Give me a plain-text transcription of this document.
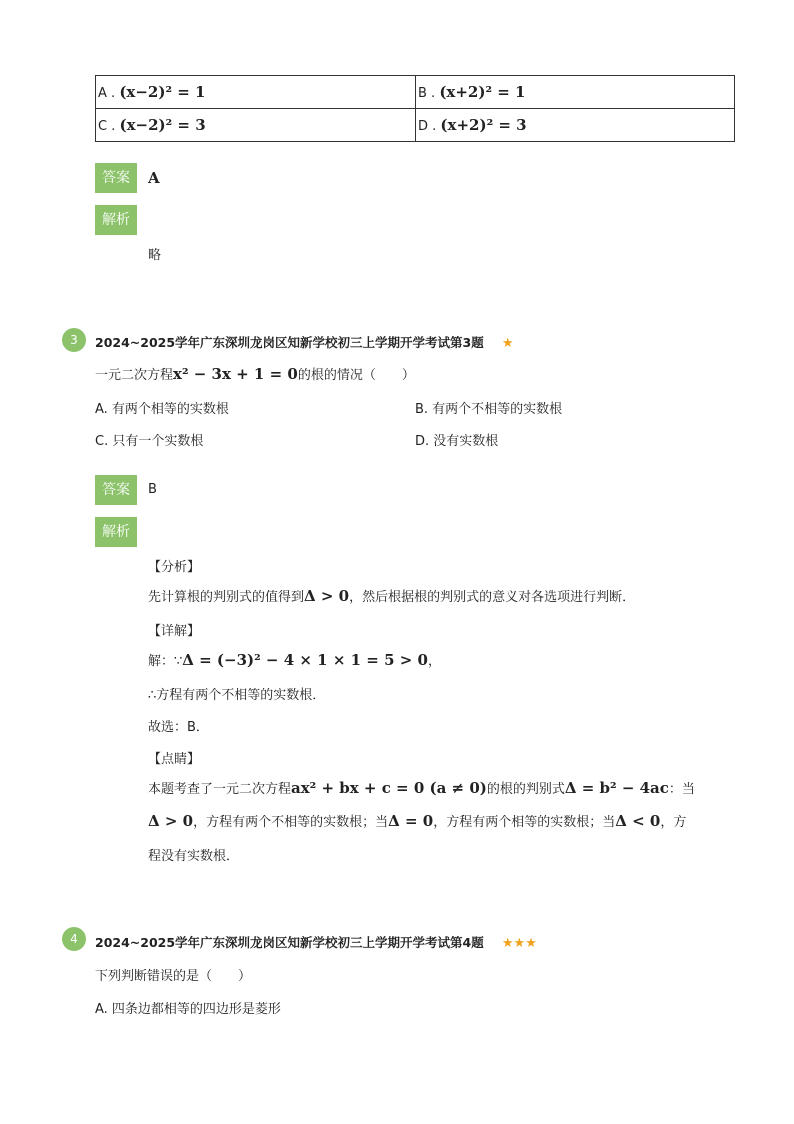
A . (x−2)² = 1	B . (x+2)² = 1
C . (x−2)² = 3	D . (x+2)² = 3
答案	A
解析
略
3	2024~2025学年广东深圳龙岗区知新学校初三上学期开学考试第3题 ★
一元二次方程x² − 3x + 1 = 0的根的情况（　　）
A. 有两个相等的实数根	B. 有两个不相等的实数根
C. 只有一个实数根	D. 没有实数根
答案	B
解析
【分析】
先计算根的判别式的值得到Δ > 0，然后根据根的判别式的意义对各选项进行判断．
【详解】
解：∵Δ = (−3)² − 4 × 1 × 1 = 5 > 0，
∴方程有两个不相等的实数根．
故选：B．
【点睛】
本题考查了一元二次方程ax² + bx + c = 0 (a ≠ 0)的根的判别式Δ = b² − 4ac：当
Δ > 0，方程有两个不相等的实数根；当Δ = 0，方程有两个相等的实数根；当Δ < 0，方
程没有实数根．
4	2024~2025学年广东深圳龙岗区知新学校初三上学期开学考试第4题 ★★★
下列判断错误的是（　　）
A. 四条边都相等的四边形是菱形
